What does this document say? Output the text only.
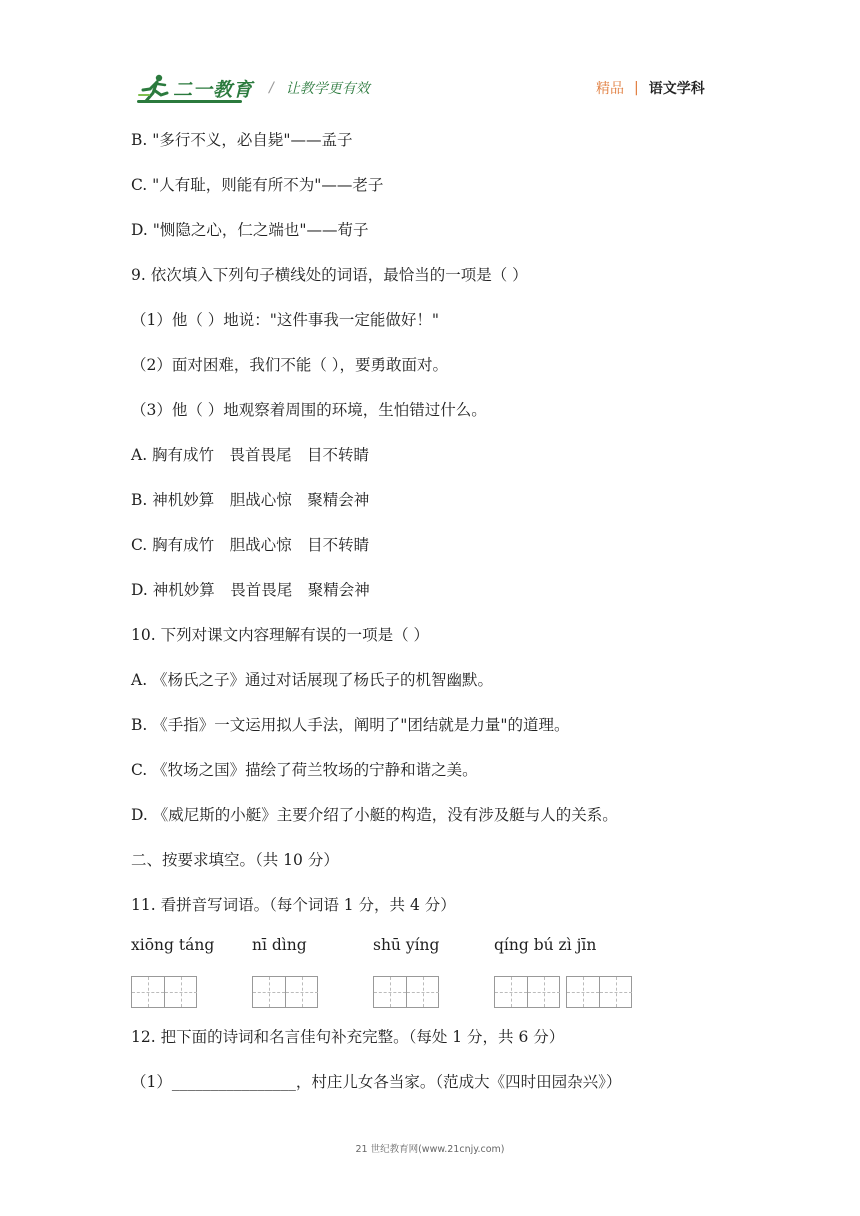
二一教育 / 让教学更有效	精品 | 语文学科
B. "多行不义，必自毙"——孟子
C. "人有耻，则能有所不为"——老子
D. "恻隐之心，仁之端也"——荀子
9. 依次填入下列句子横线处的词语，最恰当的一项是（ ）
（1）他（ ）地说："这件事我一定能做好！"
（2）面对困难，我们不能（ ），要勇敢面对。
（3）他（ ）地观察着周围的环境，生怕错过什么。
A. 胸有成竹　畏首畏尾　目不转睛
B. 神机妙算　胆战心惊　聚精会神
C. 胸有成竹　胆战心惊　目不转睛
D. 神机妙算　畏首畏尾　聚精会神
10. 下列对课文内容理解有误的一项是（ ）
A. 《杨氏之子》通过对话展现了杨氏子的机智幽默。
B. 《手指》一文运用拟人手法，阐明了"团结就是力量"的道理。
C. 《牧场之国》描绘了荷兰牧场的宁静和谐之美。
D. 《威尼斯的小艇》主要介绍了小艇的构造，没有涉及艇与人的关系。
二、按要求填空。（共 10 分）
11. 看拼音写词语。（每个词语 1 分，共 4 分）
xiōng táng nī dìng	shū yíng	qíng bú zì jīn
12. 把下面的诗词和名言佳句补充完整。（每处 1 分，共 6 分）
（1）________________，村庄儿女各当家。（范成大《四时田园杂兴》）
21 世纪教育网(www.21cnjy.com)
